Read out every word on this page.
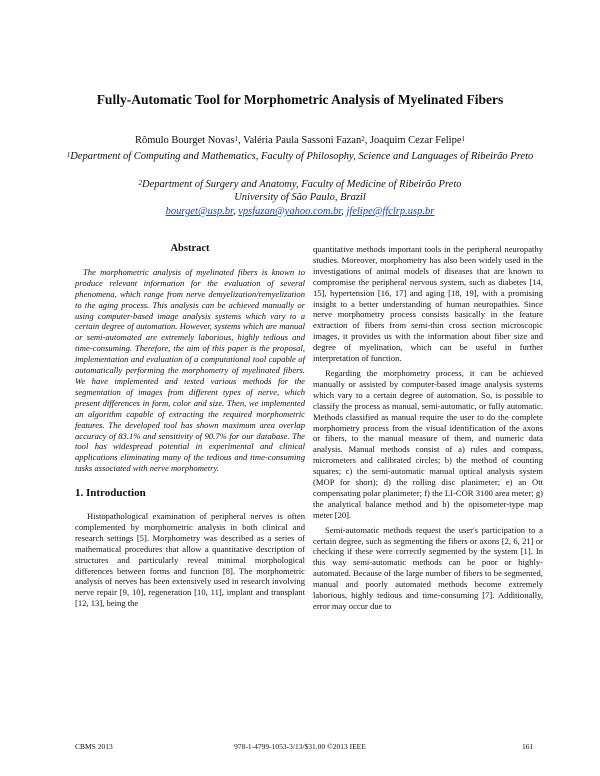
Fully-Automatic Tool for Morphometric Analysis of Myelinated Fibers
Rômulo Bourget Novas$^1$, Valéria Paula Sassoni Fazan$^2$, Joaquim Cezar Felipe$^1$
$^1$Department of Computing and Mathematics, Faculty of Philosophy, Science and Languages of Ribeirão Preto
$^2$Department of Surgery and Anatomy, Faculty of Medicine of Ribeirão Preto
University of São Paulo, Brazil
bourget@usp.br, vpsfazan@yahoo.com.br, jfelipe@ffclrp.usp.br
Abstract
The morphometric analysis of myelinated fibers is known to produce relevant information for the evaluation of several phenomena, which range from nerve demyelization/remyelization to the aging process. This analysis can be achieved manually or using computer-based image analysis systems which vary to a certain degree of automation. However, systems which are manual or semi-automated are extremely laborious, highly tedious and time-consuming. Therefore, the aim of this paper is the proposal, implementation and evaluation of a computational tool capable of automatically performing the morphometry of myelinated fibers. We have implemented and tested various methods for the segmentation of images from different types of nerve, which present differences in form, color and size. Then, we implemented an algorithm capable of extracting the required morphometric features. The developed tool has shown maximum area overlap accuracy of 83.1% and sensitivity of 90.7% for our database. The tool has widespread potential in experimental and clinical applications eliminating many of the tedious and time-consuming tasks associated with nerve morphometry.
1. Introduction

Histopathological examination of peripheral nerves is often complemented by morphometric analysis in both clinical and research settings [5]. Morphometry was described as a series of mathematical procedures that allow a quantitative description of structures and particularly reveal minimal morphological differences between forms and function [8]. The morphometric analysis of nerves has been extensively used in research involving nerve repair [9, 10], regeneration [10, 11], implant and transplant [12, 13], being the

quantitative methods important tools in the peripheral neuropathy studies. Moreover, morphometry has also been widely used in the investigations of animal models of diseases that are known to compromise the peripheral nervous system, such as diabetes [14, 15], hypertension [16, 17] and aging [18, 19], with a promising insight to a better understanding of human neuropathies. Since nerve morphometry process consists basically in the feature extraction of fibers from semi-thin cross section microscopic images, it provides us with the information about fiber size and degree of myelination, which can be useful in further interpretation of function.

Regarding the morphometry process, it can be achieved manually or assisted by computer-based image analysis systems which vary to a certain degree of automation. So, is possible to classify the process as manual, semi-automatic, or fully automatic. Methods classified as manual require the user to do the complete morphometry process from the visual identification of the axons or fibers, to the manual measure of them, and numeric data analysis. Manual methods consist of a) rules and compass, micrometers and calibrated circles; b) the method of counting squares; c) the semi-automatic manual optical analysis system (MOP for short); d) the rolling disc planimeter; e) an Ott compensating polar planimeter; f) the LI-COR 3100 area meter; g) the analytical balance method and h) the opisometer-type map meter [20].

Semi-automatic methods request the user's participation to a certain degree, such as segmenting the fibers or axons [2, 6, 21] or checking if these were correctly segmented by the system [1]. In this way semi-automatic methods can be poor or highly-automated. Because of the large number of fibers to be segmented, manual and poorly automated methods become extremely laborious, highly tedious and time-consuming [7]. Additionally, error may occur due to

CBMS 2013	978-1-4799-1053-3/13/$31.00 ©2013 IEEE	161
